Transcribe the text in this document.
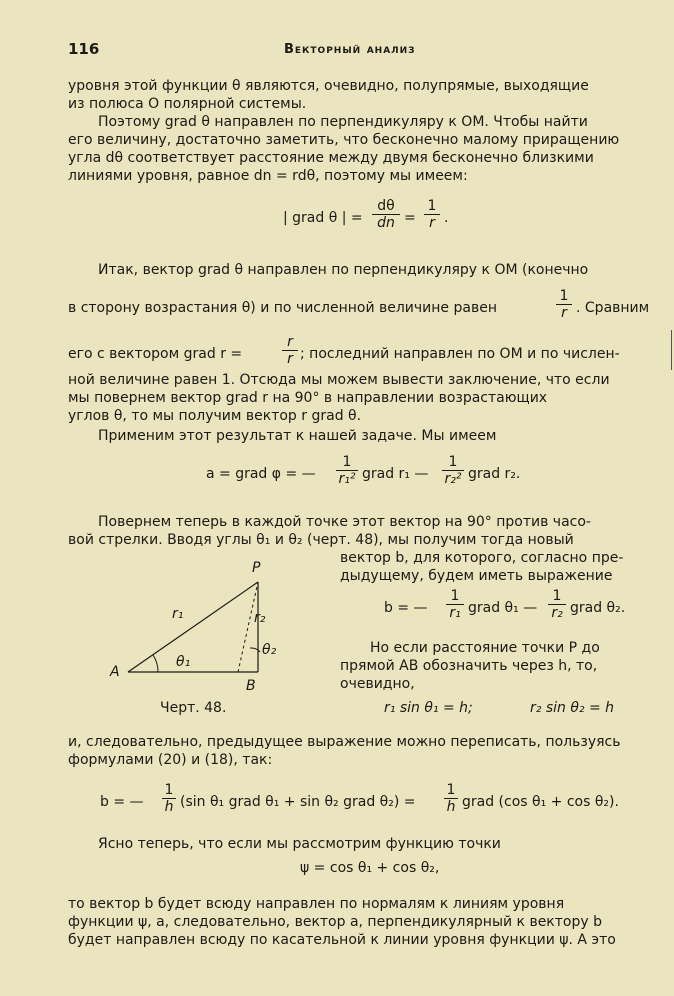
116	Векторный анализ
уровня этой функции θ являются, очевидно, полупрямые, выходящие
из полюса O полярной системы.
Поэтому grad θ направлен по перпендикуляру к OM. Чтобы найти
его величину, достаточно заметить, что бесконечно малому приращению
угла dθ соответствует расстояние между двумя бесконечно близкими
линиями уровня, равное dn = rdθ, поэтому мы имеем:
| grad θ | = $\frac{d\theta}{dn} = \frac{1}{r}$ .
Итак, вектор grad θ направлен по перпендикуляру к OM (конечно
в сторону возрастания θ) и по численной величине равен	$\frac{1}{r}$ . Сравним
его с вектором grad r =	$\frac{r}{r}$ ; последний направлен по OM и по числен-
ной величине равен 1. Отсюда мы можем вывести заключение, что если
мы повернем вектор grad r на 90° в направлении возрастающих
углов θ, то мы получим вектор r grad θ.
Применим этот результат к нашей задаче. Мы имеем
a = grad φ = — $\frac{1}{\text{r₁²}}$ grad r₁ — $\frac{1}{\text{r₂²}}$ grad r₂.
Повернем теперь в каждой точке этот вектор на 90° против часо-
вой стрелки. Вводя углы θ₁ и θ₂ (черт. 48), мы получим тогда новый
вектор b, для которого, согласно пре-
дыдущему, будем иметь выражение
b = — $\frac{1}{\text{r₁}}$ grad θ₁ — $\frac{1}{\text{r₂}}$ grad θ₂.
Но если расстояние точки P до
прямой AB обозначить через h, то,
очевидно,
r₁ sin θ₁ = h;	r₂ sin θ₂ = h
P
A
B
r₁	r₂
θ₁
θ₂
Черт. 48.
и, следовательно, предыдущее выражение можно переписать, пользуясь
формулами (20) и (18), так:
b = — $\frac{1}{h} (\sin$ θ₁ grad θ₁ + sin θ₂ grad $\theta_2) = \frac{1}{h}$ grad (cos θ₁ + cos θ₂).
Ясно теперь, что если мы рассмотрим функцию точки
ψ = cos θ₁ + cos θ₂,
то вектор b будет всюду направлен по нормалям к линиям уровня
функции ψ, а, следовательно, вектор a, перпендикулярный к вектору b
будет направлен всюду по касательной к линии уровня функции ψ. А это
